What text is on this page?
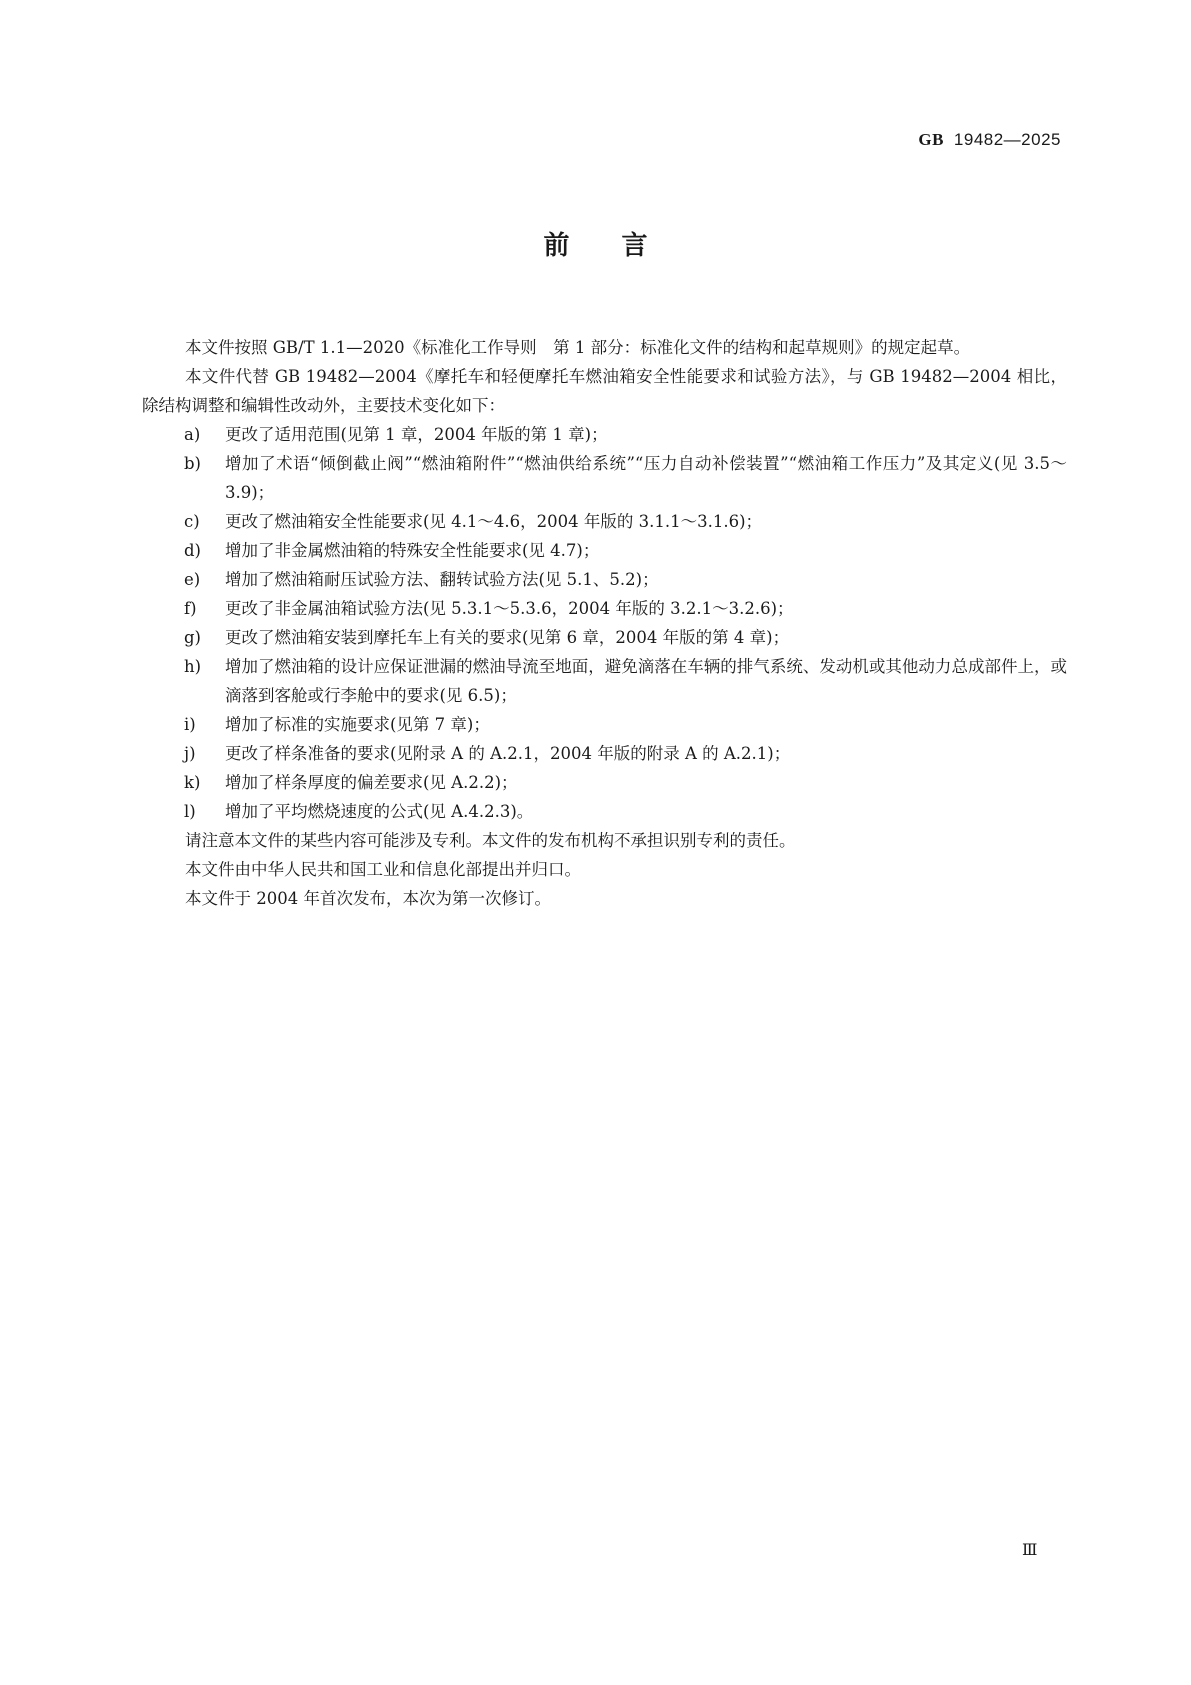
GB 19482—2025
前言

本文件按照 GB/T 1.1—2020《标准化工作导则　第 1 部分：标准化文件的结构和起草规则》的规定起草。

本文件代替 GB 19482—2004《摩托车和轻便摩托车燃油箱安全性能要求和试验方法》，与 GB 19482—2004 相比，除结构调整和编辑性改动外，主要技术变化如下：

a) 更改了适用范围(见第 1 章，2004 年版的第 1 章)；
b) 增加了术语“倾倒截止阀”“燃油箱附件”“燃油供给系统”“压力自动补偿装置”“燃油箱工作压力”及其定义(见 3.5～3.9)；
c) 更改了燃油箱安全性能要求(见 4.1～4.6，2004 年版的 3.1.1～3.1.6)；
d) 增加了非金属燃油箱的特殊安全性能要求(见 4.7)；
e) 增加了燃油箱耐压试验方法、翻转试验方法(见 5.1、5.2)；
f) 更改了非金属油箱试验方法(见 5.3.1～5.3.6，2004 年版的 3.2.1～3.2.6)；
g) 更改了燃油箱安装到摩托车上有关的要求(见第 6 章，2004 年版的第 4 章)；
h) 增加了燃油箱的设计应保证泄漏的燃油导流至地面，避免滴落在车辆的排气系统、发动机或其他动力总成部件上，或滴落到客舱或行李舱中的要求(见 6.5)；
i) 增加了标准的实施要求(见第 7 章)；
j) 更改了样条准备的要求(见附录 A 的 A.2.1，2004 年版的附录 A 的 A.2.1)；
k) 增加了样条厚度的偏差要求(见 A.2.2)；
l) 增加了平均燃烧速度的公式(见 A.4.2.3)。

请注意本文件的某些内容可能涉及专利。本文件的发布机构不承担识别专利的责任。

本文件由中华人民共和国工业和信息化部提出并归口。

本文件于 2004 年首次发布，本次为第一次修订。

Ⅲ
